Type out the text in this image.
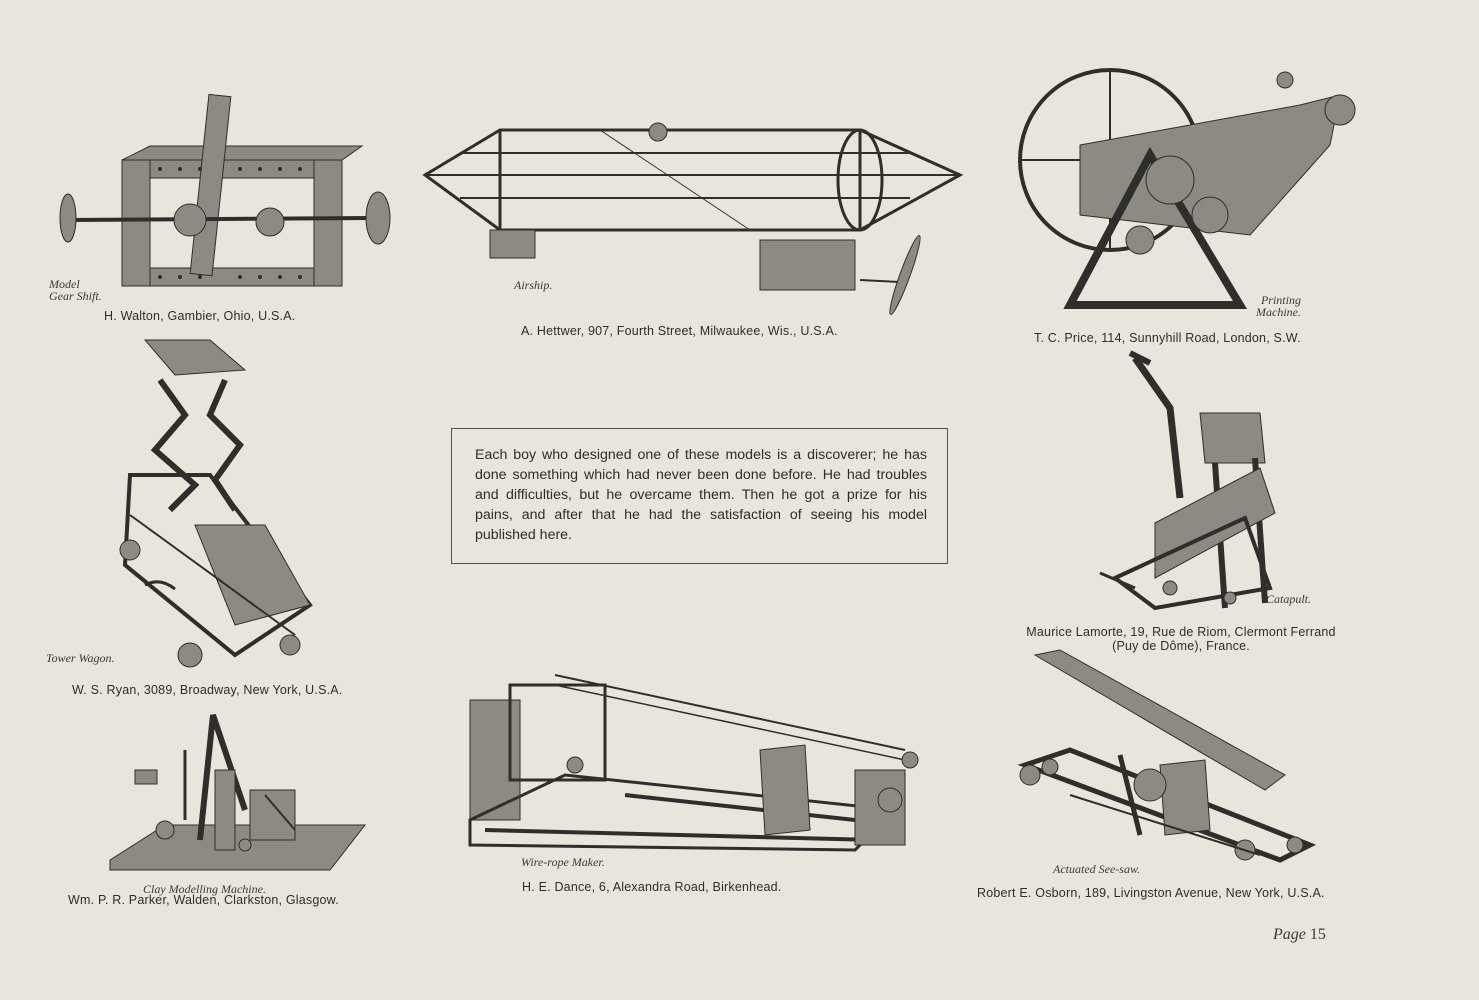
Model
Gear Shift.
H. Walton, Gambier, Ohio, U.S.A.
Airship.
A. Hettwer, 907, Fourth Street, Milwaukee, Wis., U.S.A.
Printing
Machine.
T. C. Price, 114, Sunnyhill Road, London, S.W.
Tower Wagon.
W. S. Ryan, 3089, Broadway, New York, U.S.A.
Each boy who designed one of these models is a discoverer; he has done something which had never been done before. He had troubles and difficulties, but he overcame them. Then he got a prize for his pains, and after that he had the satisfaction of seeing his model published here.
Catapult.
Maurice Lamorte, 19, Rue de Riom, Clermont Ferrand
(Puy de Dôme), France.
Clay Modelling Machine.
Wm. P. R. Parker, Walden, Clarkston, Glasgow.
Wire-rope Maker.
H. E. Dance, 6, Alexandra Road, Birkenhead.
Actuated See-saw.
Robert E. Osborn, 189, Livingston Avenue, New York, U.S.A.
Page 15
